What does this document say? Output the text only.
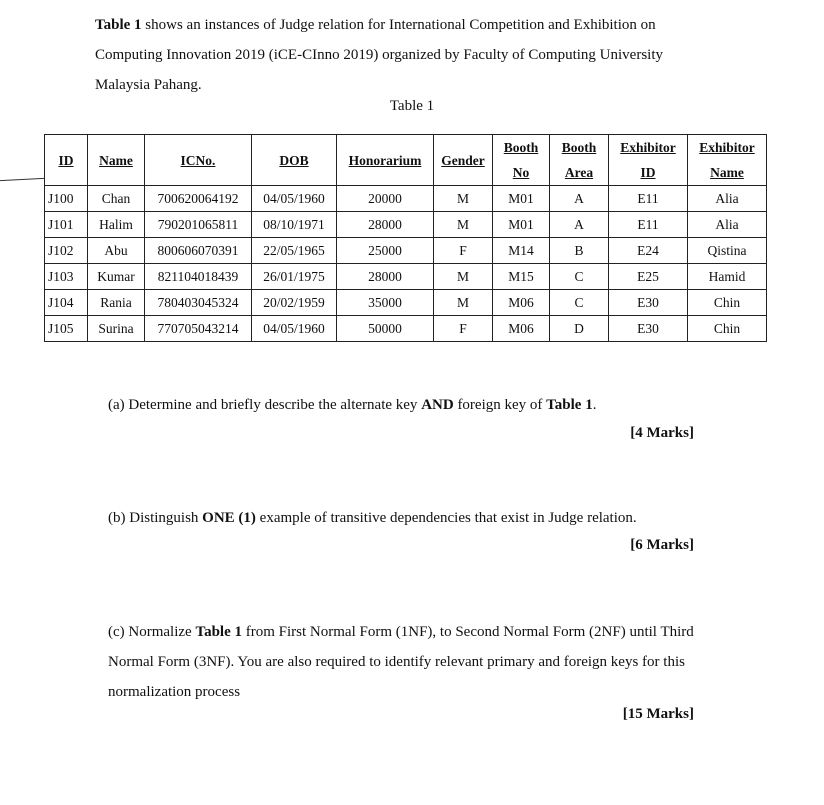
Table 1 shows an instances of Judge relation for International Competition and Exhibition on Computing Innovation 2019 (iCE-CInno 2019) organized by Faculty of Computing University Malaysia Pahang.
Table 1
ID	Name	ICNo.	DOB	Honorarium	Gender	Booth	Booth	Exhibitor	Exhibitor
						No	Area	ID	Name
J100	Chan	700620064192	04/05/1960	20000	M	M01	A	E11	Alia
J101	Halim	790201065811	08/10/1971	28000	M	M01	A	E11	Alia
J102	Abu	800606070391	22/05/1965	25000	F	M14	B	E24	Qistina
J103	Kumar	821104018439	26/01/1975	28000	M	M15	C	E25	Hamid
J104	Rania	780403045324	20/02/1959	35000	M	M06	C	E30	Chin
J105	Surina	770705043214	04/05/1960	50000	F	M06	D	E30	Chin
(a) Determine and briefly describe the alternate key AND foreign key of Table 1.
[4 Marks]
(b) Distinguish ONE (1) example of transitive dependencies that exist in Judge relation.
[6 Marks]
(c) Normalize Table 1 from First Normal Form (1NF), to Second Normal Form (2NF) until Third Normal Form (3NF). You are also required to identify relevant primary and foreign keys for this normalization process
[15 Marks]
